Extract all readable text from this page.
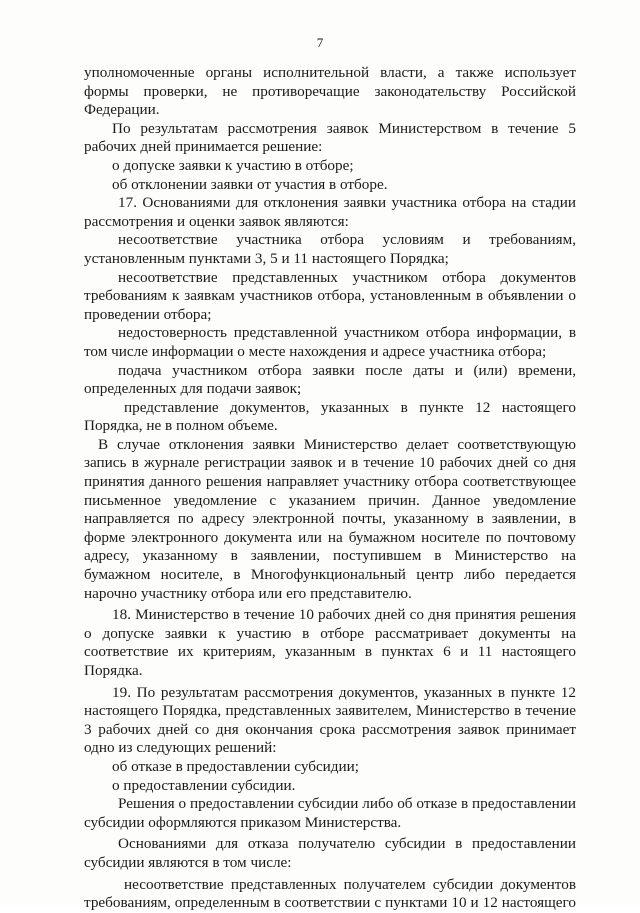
7

уполномоченные органы исполнительной власти, а также использует формы проверки, не противоречащие законодательству Российской Федерации.

По результатам рассмотрения заявок Министерством в течение 5 рабочих дней принимается решение:

о допуске заявки к участию в отборе;

об отклонении заявки от участия в отборе.

17. Основаниями для отклонения заявки участника отбора на стадии рассмотрения и оценки заявок являются:

несоответствие участника отбора условиям и требованиям, установленным пунктами 3, 5 и 11 настоящего Порядка;

несоответствие представленных участником отбора документов требованиям к заявкам участников отбора, установленным в объявлении о проведении отбора;

недостоверность представленной участником отбора информации, в том числе информации о месте нахождения и адресе участника отбора;

подача участником отбора заявки после даты и (или) времени, определенных для подачи заявок;

представление документов, указанных в пункте 12 настоящего Порядка, не в полном объеме.

В случае отклонения заявки Министерство делает соответствующую запись в журнале регистрации заявок и в течение 10 рабочих дней со дня принятия данного решения направляет участнику отбора соответствующее письменное уведомление с указанием причин. Данное уведомление направляется по адресу электронной почты, указанному в заявлении, в форме электронного документа или на бумажном носителе по почтовому адресу, указанному в заявлении, поступившем в Министерство на бумажном носителе, в Многофункциональный центр либо передается нарочно участнику отбора или его представителю.

18. Министерство в течение 10 рабочих дней со дня принятия решения о допуске заявки к участию в отборе рассматривает документы на соответствие их критериям, указанным в пунктах 6 и 11 настоящего Порядка.

19. По результатам рассмотрения документов, указанных в пункте 12 настоящего Порядка, представленных заявителем, Министерство в течение 3 рабочих дней со дня окончания срока рассмотрения заявок принимает одно из следующих решений:

об отказе в предоставлении субсидии;

о предоставлении субсидии.

Решения о предоставлении субсидии либо об отказе в предоставлении субсидии оформляются приказом Министерства.

Основаниями для отказа получателю субсидии в предоставлении субсидии являются в том числе:

несоответствие представленных получателем субсидии документов требованиям, определенным в соответствии с пунктами 10 и 12 настоящего
